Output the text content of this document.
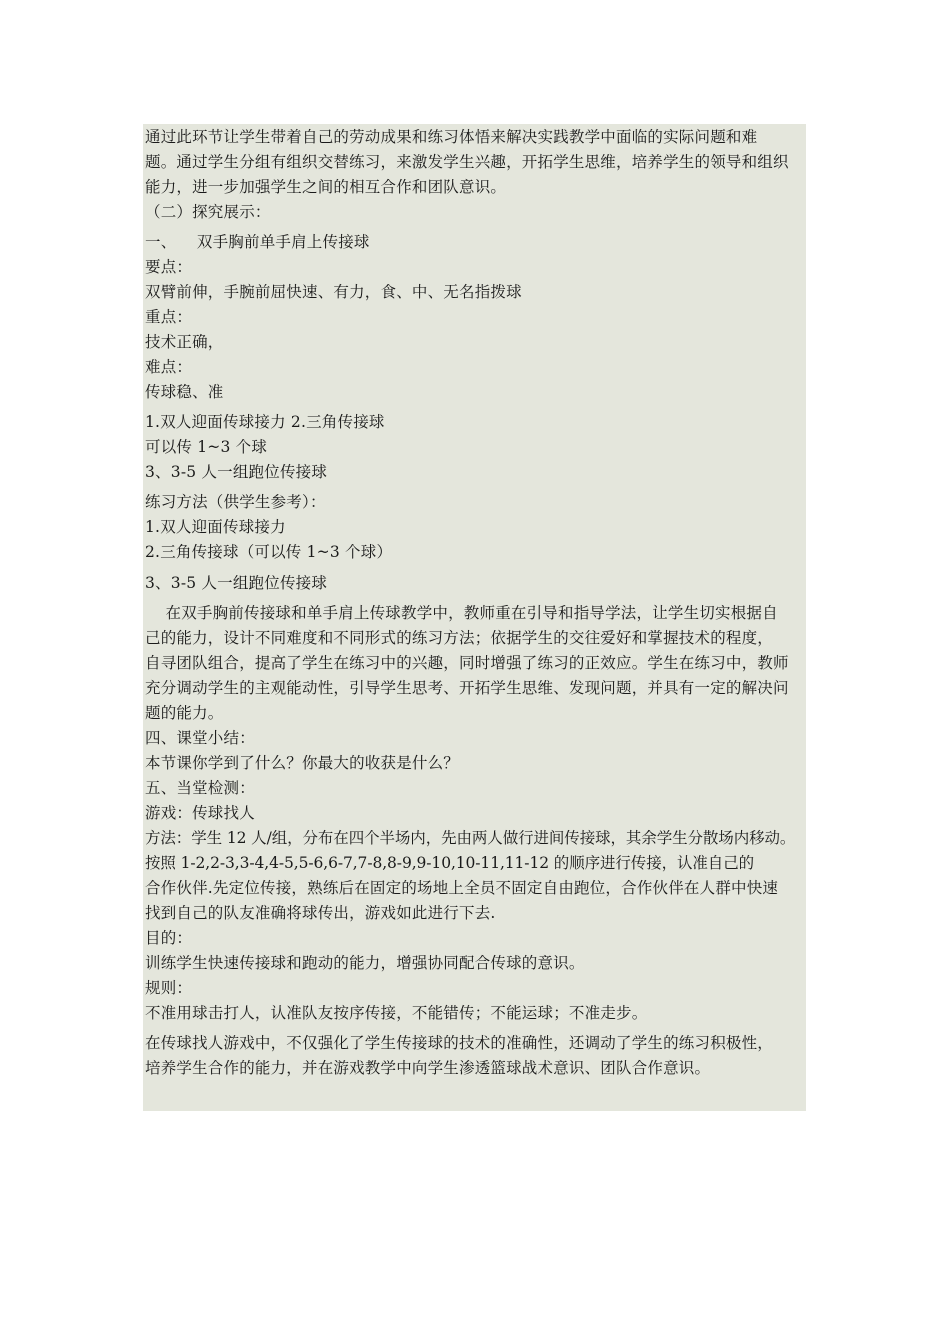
通过此环节让学生带着自己的劳动成果和练习体悟来解决实践教学中面临的实际问题和难
题。通过学生分组有组织交替练习，来激发学生兴趣，开拓学生思维，培养学生的领导和组织
能力，进一步加强学生之间的相互合作和团队意识。
（二）探究展示：
一、    双手胸前单手肩上传接球
要点：
双臂前伸，手腕前屈快速、有力，食、中、无名指拨球
重点：
技术正确，
难点：
传球稳、准
1.双人迎面传球接力 2.三角传接球
可以传 1~3 个球
3、3-5 人一组跑位传接球
练习方法（供学生参考）：
1.双人迎面传球接力
2.三角传接球（可以传 1~3 个球）
3、3-5 人一组跑位传接球
在双手胸前传接球和单手肩上传球教学中，教师重在引导和指导学法，让学生切实根据自
己的能力，设计不同难度和不同形式的练习方法；依据学生的交往爱好和掌握技术的程度，
自寻团队组合，提高了学生在练习中的兴趣，同时增强了练习的正效应。学生在练习中，教师
充分调动学生的主观能动性，引导学生思考、开拓学生思维、发现问题，并具有一定的解决问
题的能力。
四、课堂小结：
本节课你学到了什么？你最大的收获是什么？
五、当堂检测：
游戏：传球找人
方法：学生 12 人/组，分布在四个半场内，先由两人做行进间传接球，其余学生分散场内移动。
按照 1-2,2-3,3-4,4-5,5-6,6-7,7-8,8-9,9-10,10-11,11-12 的顺序进行传接，认准自己的
合作伙伴.先定位传接，熟练后在固定的场地上全员不固定自由跑位，合作伙伴在人群中快速
找到自己的队友准确将球传出，游戏如此进行下去.
目的：
训练学生快速传接球和跑动的能力，增强协同配合传球的意识。
规则：
不准用球击打人，认准队友按序传接，不能错传；不能运球；不准走步。
在传球找人游戏中，不仅强化了学生传接球的技术的准确性，还调动了学生的练习积极性，
培养学生合作的能力，并在游戏教学中向学生渗透篮球战术意识、团队合作意识。
